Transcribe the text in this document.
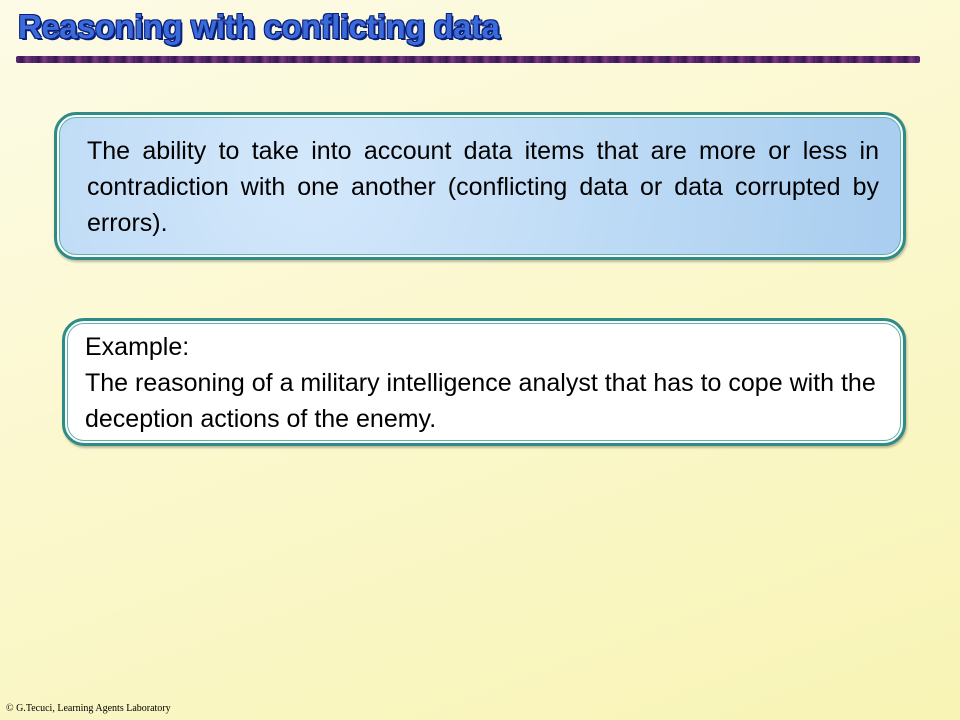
Reasoning with conflicting data

The ability to take into account data items that are more or less in contradiction with one another (conflicting data or data corrupted by errors).

Example:

The reasoning of a military intelligence analyst that has to cope with the deception actions of the enemy.

© G.Tecuci, Learning Agents Laboratory
